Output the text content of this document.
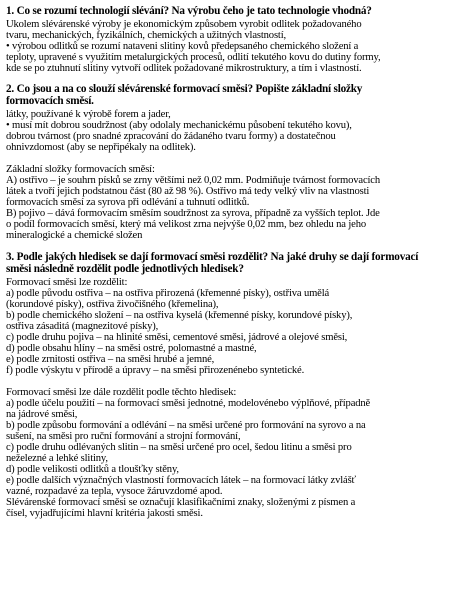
1. Co se rozumí technologií slévání? Na výrobu čeho je tato technologie vhodná?
Ukolem slévárenské výroby je ekonomickým způsobem vyrobit odlitek požadovaného
tvaru, mechanických, fyzikálních, chemických a užitných vlastností,
• výrobou odlitků se rozumí nataveni slitiny kovů předepsaného chemického složení a
teploty, upravené s využitím metalurgických procesů, odlití tekutého kovu do dutiny formy,
kde se po ztuhnutí slitiny vytvoří odlitek požadované mikrostruktury, a tím i vlastností.
2. Co jsou a na co slouží slévárenské formovací směsi? Popište základní složky
formovacích směsí.
látky, používané k výrobě forem a jader,
• musí mít dobrou soudržnost (aby odolaly mechanickému působení tekutého kovu),
dobrou tvárnost (pro snadné zpracování do žádaného tvaru formy) a dostatečnou
ohnivzdomost (aby se nepřipékaly na odlitek).
Základní složky formovacích směsí:
A) ostřivo – je souhrn písků se zrny většími než 0,02 mm. Podmiňuje tvárnost formovacích
látek a tvoří jejich podstatnou část (80 až 98 %). Ostřivo má tedy velký vliv na vlastnosti
formovacích směsí za syrova při odlévání a tuhnutí odlitků.
B) pojivo – dává formovacím směsím soudržnost za syrova, případně za vyšších teplot. Jde
o podíl formovacích směsí, který má velikost zrna nejvýše 0,02 mm, bez ohledu na jeho
mineralogické a chemické složen
3. Podle jakých hledisek se dají formovací směsi rozdělit? Na jaké druhy se dají formovací
směsi následně rozdělit podle jednotlivých hledisek?
Formovací směsi lze rozdělit:
a) podle původu ostřiva – na ostřiva přirozená (křemenné písky), ostřiva umělá
(korundové písky), ostřiva živočišného (křemelina),
b) podle chemického složení – na ostřiva kyselá (křemenné písky, korundové písky),
ostřiva zásaditá (magnezitové písky),
c) podle druhu pojiva – na hlinité směsi, cementové směsi, jádrové a olejové směsi,
d) podle obsahu hlíny – na směsi ostré, polomastné a mastné,
e) podle zrnitosti ostřiva – na směsi hrubé a jemné,
f) podle výskytu v přírodě a úpravy – na směsi přirozenénebo syntetické.
Formovací směsi lze dále rozdělit podle těchto hledisek:
a) podle účelu použití – na formovací směsi jednotné, modelovénebo výplňové, případně
na jádrové směsi,
b) podle způsobu formování a odlévání – na směsi určené pro formování na syrovo a na
sušení, na směsi pro ruční formování a strojní formování,
c) podle druhu odlévaných slitin – na směsi určené pro ocel, šedou litinu a směsi pro
neželezné a lehké slitiny,
d) podle velikosti odlitků a tloušťky stěny,
e) podle dalších význačných vlastností formovacích látek – na formovací látky zvlášť
vazné, rozpadavé za tepla, vysoce žáruvzdomé apod.
Slévárenské formovací směsi se označují klasifikačními znaky, složenými z písmen a
čísel, vyjadřujícími hlavní kritéria jakosti směsi.
